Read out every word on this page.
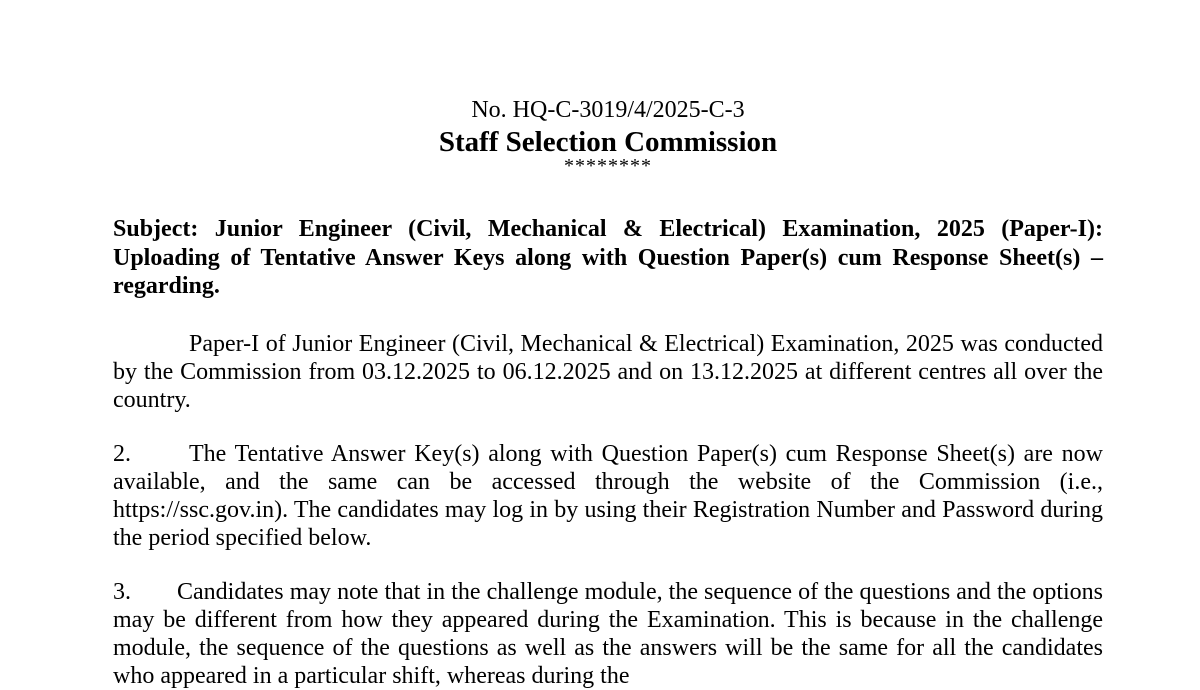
No. HQ-C-3019/4/2025-C-3
Staff Selection Commission
********
Subject: Junior Engineer (Civil, Mechanical & Electrical) Examination, 2025 (Paper-I): Uploading of Tentative Answer Keys along with Question Paper(s) cum Response Sheet(s) – regarding.
Paper-I of Junior Engineer (Civil, Mechanical & Electrical) Examination, 2025 was conducted by the Commission from 03.12.2025 to 06.12.2025 and on 13.12.2025 at different centres all over the country.
2. The Tentative Answer Key(s) along with Question Paper(s) cum Response Sheet(s) are now available, and the same can be accessed through the website of the Commission (i.e., https://ssc.gov.in). The candidates may log in by using their Registration Number and Password during the period specified below.
3. Candidates may note that in the challenge module, the sequence of the questions and the options may be different from how they appeared during the Examination. This is because in the challenge module, the sequence of the questions as well as the answers will be the same for all the candidates who appeared in a particular shift, whereas during the
